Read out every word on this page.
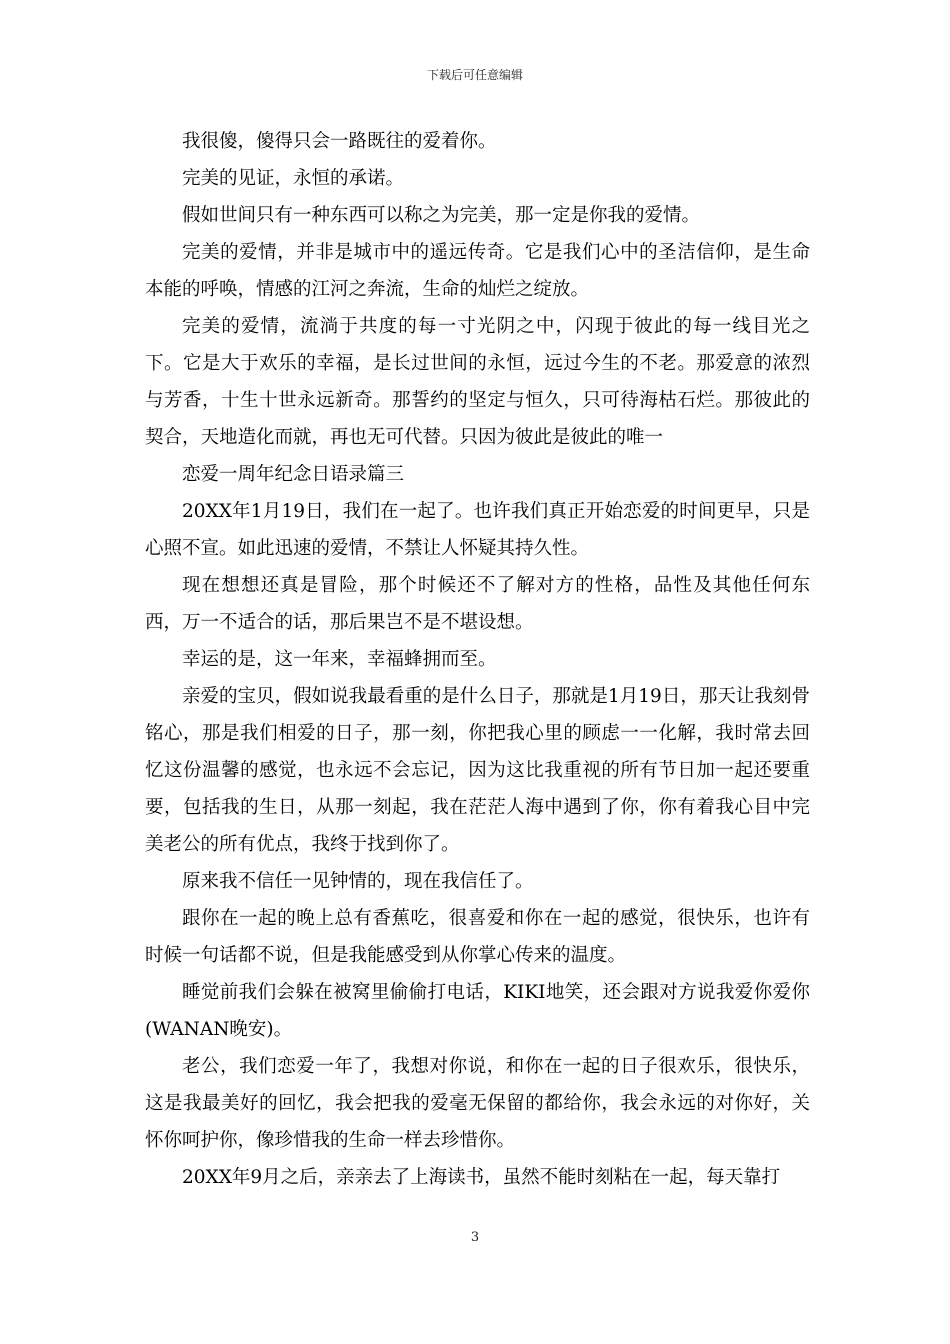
下载后可任意编辑

我很傻，傻得只会一路既往的爱着你。

完美的见证，永恒的承诺。

假如世间只有一种东西可以称之为完美，那一定是你我的爱情。

完美的爱情，并非是城市中的遥远传奇。它是我们心中的圣洁信仰，是生命本能的呼唤，情感的江河之奔流，生命的灿烂之绽放。

完美的爱情，流淌于共度的每一寸光阴之中，闪现于彼此的每一线目光之下。它是大于欢乐的幸福，是长过世间的永恒，远过今生的不老。那爱意的浓烈与芳香，十生十世永远新奇。那誓约的坚定与恒久，只可待海枯石烂。那彼此的契合，天地造化而就，再也无可代替。只因为彼此是彼此的唯一

恋爱一周年纪念日语录篇三

20XX年1月19日，我们在一起了。也许我们真正开始恋爱的时间更早，只是心照不宣。如此迅速的爱情，不禁让人怀疑其持久性。

现在想想还真是冒险，那个时候还不了解对方的性格，品性及其他任何东西，万一不适合的话，那后果岂不是不堪设想。

幸运的是，这一年来，幸福蜂拥而至。

亲爱的宝贝，假如说我最看重的是什么日子，那就是1月19日，那天让我刻骨铭心，那是我们相爱的日子，那一刻，你把我心里的顾虑一一化解，我时常去回忆这份温馨的感觉，也永远不会忘记，因为这比我重视的所有节日加一起还要重要，包括我的生日，从那一刻起，我在茫茫人海中遇到了你，你有着我心目中完美老公的所有优点，我终于找到你了。

原来我不信任一见钟情的，现在我信任了。

跟你在一起的晚上总有香蕉吃，很喜爱和你在一起的感觉，很快乐，也许有时候一句话都不说，但是我能感受到从你掌心传来的温度。

睡觉前我们会躲在被窝里偷偷打电话，KIKI地笑，还会跟对方说我爱你爱你(WANAN晚安)。

老公，我们恋爱一年了，我想对你说，和你在一起的日子很欢乐，很快乐，这是我最美好的回忆，我会把我的爱毫无保留的都给你，我会永远的对你好，关怀你呵护你，像珍惜我的生命一样去珍惜你。

20XX年9月之后，亲亲去了上海读书，虽然不能时刻粘在一起，每天靠打

3
